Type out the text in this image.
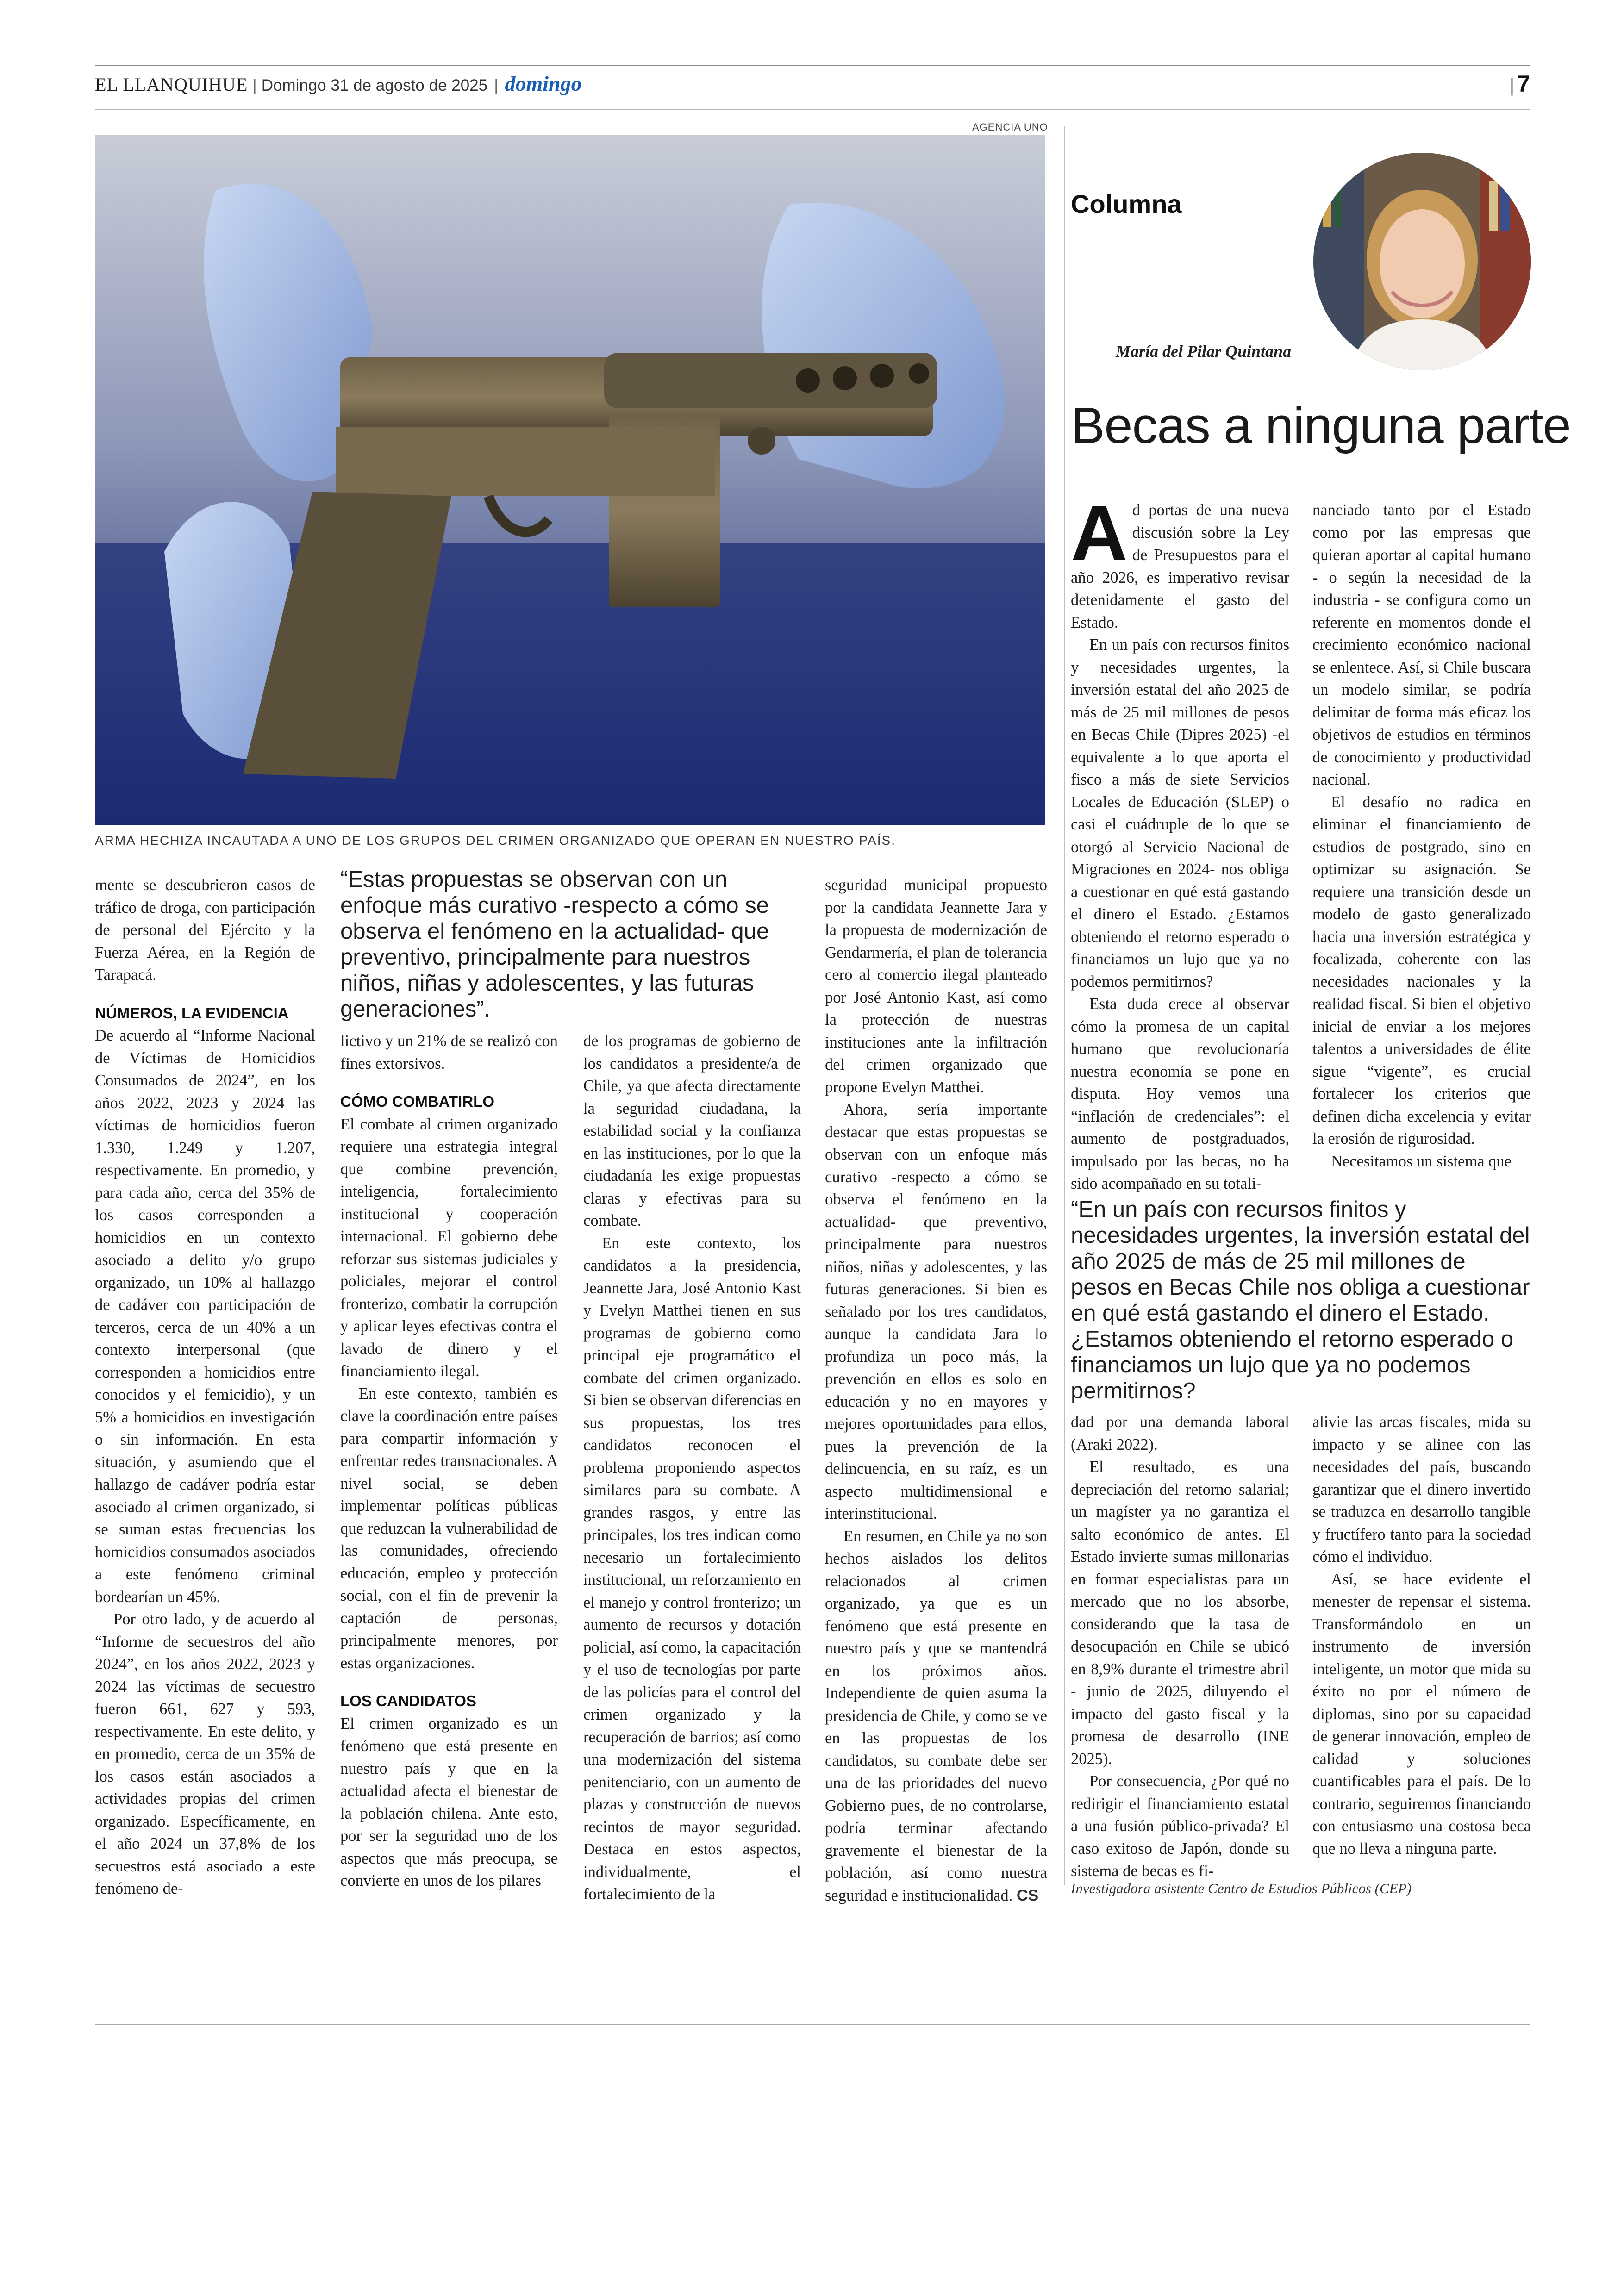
EL LLANQUIHUE | Domingo 31 de agosto de 2025 | domingo	| 7
AGENCIA UNO
ARMA HECHIZA INCAUTADA A UNO DE LOS GRUPOS DEL CRIMEN ORGANIZADO QUE OPERAN EN NUESTRO PAÍS.

mente se descubrieron casos de tráfico de droga, con participación de personal del Ejército y la Fuerza Aérea, en la Región de Tarapacá.

NÚMEROS, LA EVIDENCIA

De acuerdo al “Informe Nacional de Víctimas de Homicidios Consumados de 2024”, en los años 2022, 2023 y 2024 las víctimas de homicidios fueron 1.330, 1.249 y 1.207, respectivamente. En promedio, y para cada año, cerca del 35% de los casos corresponden a homicidios en un contexto asociado a delito y/o grupo organizado, un 10% al hallazgo de cadáver con participación de terceros, cerca de un 40% a un contexto interpersonal (que corresponden a homicidios entre conocidos y el femicidio), y un 5% a homicidios en investigación o sin información. En esta situación, y asumiendo que el hallazgo de cadáver podría estar asociado al crimen organizado, si se suman estas frecuencias los homicidios consumados asociados a este fenómeno criminal bordearían un 45%.

Por otro lado, y de acuerdo al “Informe de secuestros del año 2024”, en los años 2022, 2023 y 2024 las víctimas de secuestro fueron 661, 627 y 593, respectivamente. En este delito, y en promedio, cerca de un 35% de los casos están asociados a actividades propias del crimen organizado. Específicamente, en el año 2024 un 37,8% de los secuestros está asociado a este fenómeno de-

“Estas propuestas se observan con un enfoque más curativo -respecto a cómo se observa el fenómeno en la actualidad- que preventivo, principalmente para nuestros niños, niñas y adolescentes, y las futuras generaciones”.

lictivo y un 21% de se realizó con fines extorsivos.

CÓMO COMBATIRLO

El combate al crimen organizado requiere una estrategia integral que combine prevención, inteligencia, fortalecimiento institucional y cooperación internacional. El gobierno debe reforzar sus sistemas judiciales y policiales, mejorar el control fronterizo, combatir la corrupción y aplicar leyes efectivas contra el lavado de dinero y el financiamiento ilegal.

En este contexto, también es clave la coordinación entre países para compartir información y enfrentar redes transnacionales. A nivel social, se deben implementar políticas públicas que reduzcan la vulnerabilidad de las comunidades, ofreciendo educación, empleo y protección social, con el fin de prevenir la captación de personas, principalmente menores, por estas organizaciones.

LOS CANDIDATOS

El crimen organizado es un fenómeno que está presente en nuestro país y que en la actualidad afecta el bienestar de la población chilena. Ante esto, por ser la seguridad uno de los aspectos que más preocupa, se convierte en unos de los pilares

de los programas de gobierno de los candidatos a presidente/a de Chile, ya que afecta directamente la seguridad ciudadana, la estabilidad social y la confianza en las instituciones, por lo que la ciudadanía les exige propuestas claras y efectivas para su combate.

En este contexto, los candidatos a la presidencia, Jeannette Jara, José Antonio Kast y Evelyn Matthei tienen en sus programas de gobierno como principal eje programático el combate del crimen organizado. Si bien se observan diferencias en sus propuestas, los tres candidatos reconocen el problema proponiendo aspectos similares para su combate. A grandes rasgos, y entre las principales, los tres indican como necesario un fortalecimiento institucional, un reforzamiento en el manejo y control fronterizo; un aumento de recursos y dotación policial, así como, la capacitación y el uso de tecnologías por parte de las policías para el control del crimen organizado y la recuperación de barrios; así como una modernización del sistema penitenciario, con un aumento de plazas y construcción de nuevos recintos de mayor seguridad. Destaca en estos aspectos, individualmente, el fortalecimiento de la

seguridad municipal propuesto por la candidata Jeannette Jara y la propuesta de modernización de Gendarmería, el plan de tolerancia cero al comercio ilegal planteado por José Antonio Kast, así como la protección de nuestras instituciones ante la infiltración del crimen organizado que propone Evelyn Matthei.

Ahora, sería importante destacar que estas propuestas se observan con un enfoque más curativo -respecto a cómo se observa el fenómeno en la actualidad- que preventivo, principalmente para nuestros niños, niñas y adolescentes, y las futuras generaciones. Si bien es señalado por los tres candidatos, aunque la candidata Jara lo profundiza un poco más, la prevención en ellos es solo en educación y no en mayores y mejores oportunidades para ellos, pues la prevención de la delincuencia, en su raíz, es un aspecto multidimensional e interinstitucional.

En resumen, en Chile ya no son hechos aislados los delitos relacionados al crimen organizado, ya que es un fenómeno que está presente en nuestro país y que se mantendrá en los próximos años. Independiente de quien asuma la presidencia de Chile, y como se ve en las propuestas de los candidatos, su combate debe ser una de las prioridades del nuevo Gobierno pues, de no controlarse, podría terminar afectando gravemente el bienestar de la población, así como nuestra seguridad e institucionalidad. CS

Columna
María del Pilar Quintana
Becas a ninguna parte

Ad portas de una nueva discusión sobre la Ley de Presupuestos para el año 2026, es imperativo revisar detenidamente el gasto del Estado.

En un país con recursos finitos y necesidades urgentes, la inversión estatal del año 2025 de más de 25 mil millones de pesos en Becas Chile (Dipres 2025) -el equivalente a lo que aporta el fisco a más de siete Servicios Locales de Educación (SLEP) o casi el cuádruple de lo que se otorgó al Servicio Nacional de Migraciones en 2024- nos obliga a cuestionar en qué está gastando el dinero el Estado. ¿Estamos obteniendo el retorno esperado o financiamos un lujo que ya no podemos permitirnos?

Esta duda crece al observar cómo la promesa de un capital humano que revolucionaría nuestra economía se pone en disputa. Hoy vemos una “inflación de credenciales”: el aumento de postgraduados, impulsado por las becas, no ha sido acompañado en su totali-

nanciado tanto por el Estado como por las empresas que quieran aportar al capital humano - o según la necesidad de la industria - se configura como un referente en momentos donde el crecimiento económico nacional se enlentece. Así, si Chile buscara un modelo similar, se podría delimitar de forma más eficaz los objetivos de estudios en términos de conocimiento y productividad nacional.

El desafío no radica en eliminar el financiamiento de estudios de postgrado, sino en optimizar su asignación. Se requiere una transición desde un modelo de gasto generalizado hacia una inversión estratégica y focalizada, coherente con las necesidades nacionales y la realidad fiscal. Si bien el objetivo inicial de enviar a los mejores talentos a universidades de élite sigue “vigente”, es crucial fortalecer los criterios que definen dicha excelencia y evitar la erosión de rigurosidad.

Necesitamos un sistema que

“En un país con recursos finitos y necesidades urgentes, la inversión estatal del año 2025 de más de 25 mil millones de pesos en Becas Chile nos obliga a cuestionar en qué está gastando el dinero el Estado. ¿Estamos obteniendo el retorno esperado o financiamos un lujo que ya no podemos permitirnos?

dad por una demanda laboral (Araki 2022).

El resultado, es una depreciación del retorno salarial; un magíster ya no garantiza el salto económico de antes. El Estado invierte sumas millonarias en formar especialistas para un mercado que no los absorbe, considerando que la tasa de desocupación en Chile se ubicó en 8,9% durante el trimestre abril - junio de 2025, diluyendo el impacto del gasto fiscal y la promesa de desarrollo (INE 2025).

Por consecuencia, ¿Por qué no redirigir el financiamiento estatal a una fusión público-privada? El caso exitoso de Japón, donde su sistema de becas es fi-

alivie las arcas fiscales, mida su impacto y se alinee con las necesidades del país, buscando garantizar que el dinero invertido se traduzca en desarrollo tangible y fructífero tanto para la sociedad cómo el individuo.

Así, se hace evidente el menester de repensar el sistema. Transformándolo en un instrumento de inversión inteligente, un motor que mida su éxito no por el número de diplomas, sino por su capacidad de generar innovación, empleo de calidad y soluciones cuantificables para el país. De lo contrario, seguiremos financiando con entusiasmo una costosa beca que no lleva a ninguna parte.

Investigadora asistente Centro de Estudios Públicos (CEP)
